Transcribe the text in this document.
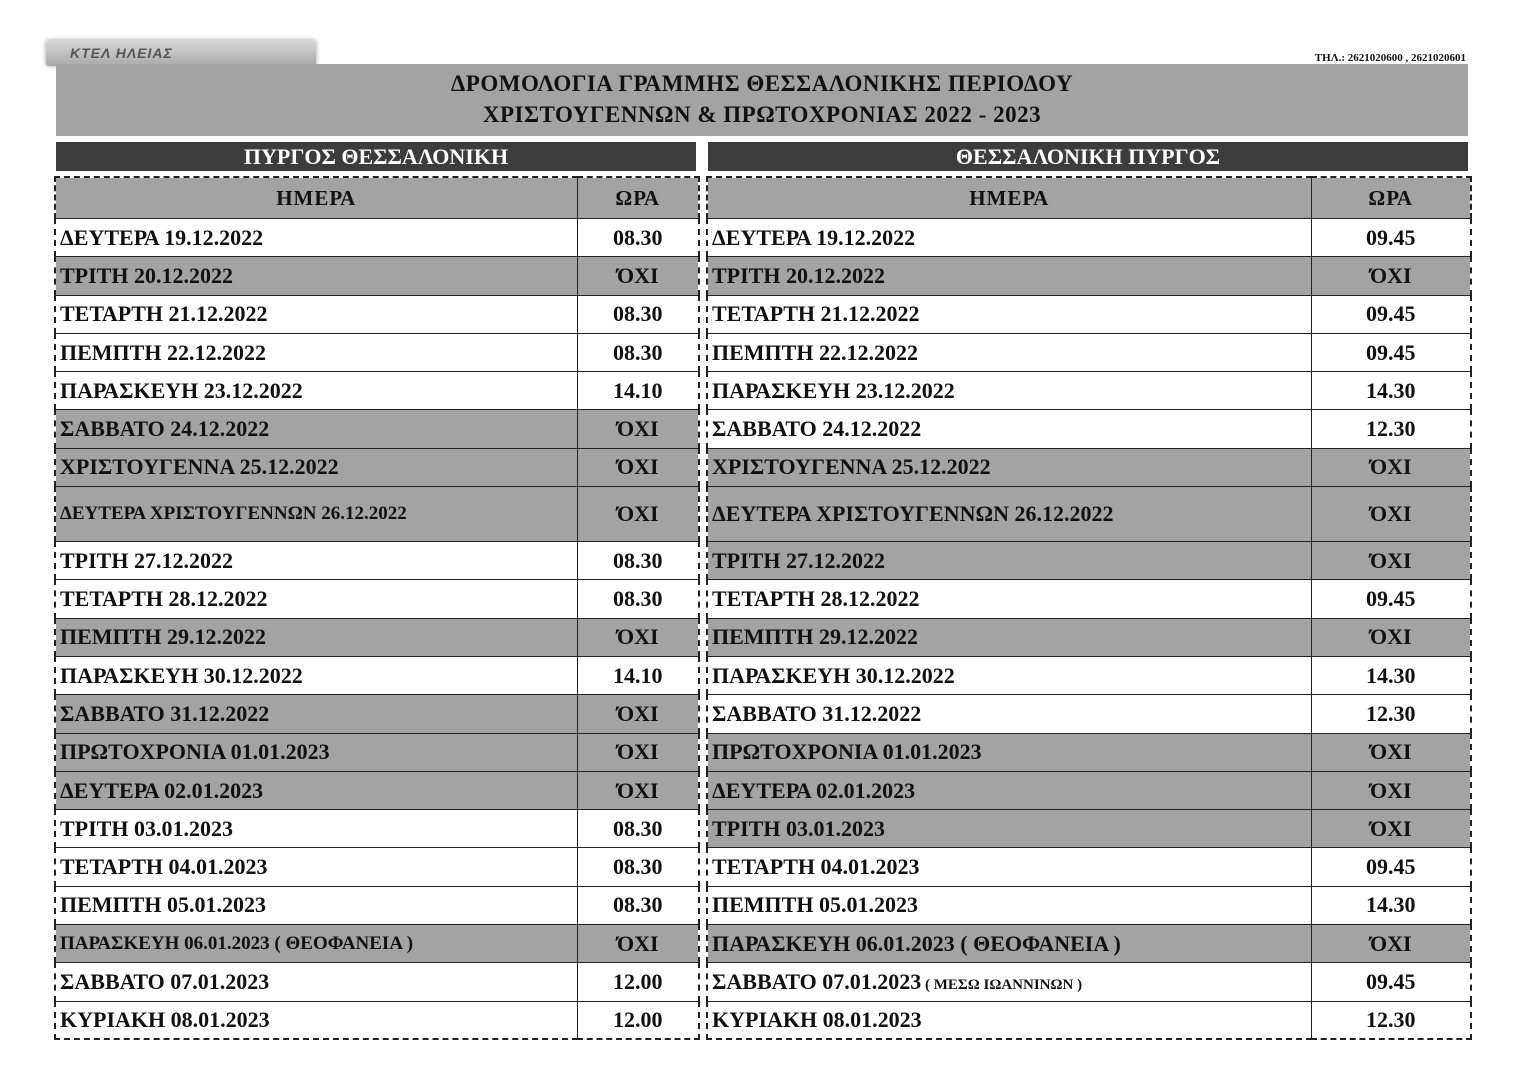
ΚΤΕΛ ΗΛΕΙΑΣ	ΤΗΛ.: 2621020600 , 2621020601
ΔΡΟΜΟΛΟΓΙΑ ΓΡΑΜΜΗΣ ΘΕΣΣΑΛΟΝΙΚΗΣ ΠΕΡΙΟΔΟΥ
ΧΡΙΣΤΟΥΓΕΝΝΩΝ & ΠΡΩΤΟΧΡΟΝΙΑΣ 2022 - 2023
ΠΥΡΓΟΣ ΘΕΣΣΑΛΟΝΙΚΗ	ΘΕΣΣΑΛΟΝΙΚΗ ΠΥΡΓΟΣ
ΗΜΕΡΑ	ΩΡΑ
ΔΕΥΤΕΡΑ 19.12.2022	08.30
ΤΡΙΤΗ 20.12.2022	ΌΧΙ
ΤΕΤΑΡΤΗ 21.12.2022	08.30
ΠΕΜΠΤΗ 22.12.2022	08.30
ΠΑΡΑΣΚΕΥΗ 23.12.2022	14.10
ΣΑΒΒΑΤΟ 24.12.2022	ΌΧΙ
ΧΡΙΣΤΟΥΓΕΝΝΑ 25.12.2022	ΌΧΙ
ΔΕΥΤΕΡΑ ΧΡΙΣΤΟΥΓΕΝΝΩΝ 26.12.2022	ΌΧΙ
ΤΡΙΤΗ 27.12.2022	08.30
ΤΕΤΑΡΤΗ 28.12.2022	08.30
ΠΕΜΠΤΗ 29.12.2022	ΌΧΙ
ΠΑΡΑΣΚΕΥΗ 30.12.2022	14.10
ΣΑΒΒΑΤΟ 31.12.2022	ΌΧΙ
ΠΡΩΤΟΧΡΟΝΙΑ 01.01.2023	ΌΧΙ
ΔΕΥΤΕΡΑ 02.01.2023	ΌΧΙ
ΤΡΙΤΗ 03.01.2023	08.30
ΤΕΤΑΡΤΗ 04.01.2023	08.30
ΠΕΜΠΤΗ 05.01.2023	08.30
ΠΑΡΑΣΚΕΥΗ 06.01.2023 ( ΘΕΟΦΑΝΕΙΑ )	ΌΧΙ
ΣΑΒΒΑΤΟ 07.01.2023	12.00
ΚΥΡΙΑΚΗ 08.01.2023	12.00
ΗΜΕΡΑ	ΩΡΑ
ΔΕΥΤΕΡΑ 19.12.2022	09.45
ΤΡΙΤΗ 20.12.2022	ΌΧΙ
ΤΕΤΑΡΤΗ 21.12.2022	09.45
ΠΕΜΠΤΗ 22.12.2022	09.45
ΠΑΡΑΣΚΕΥΗ 23.12.2022	14.30
ΣΑΒΒΑΤΟ 24.12.2022	12.30
ΧΡΙΣΤΟΥΓΕΝΝΑ 25.12.2022	ΌΧΙ
ΔΕΥΤΕΡΑ ΧΡΙΣΤΟΥΓΕΝΝΩΝ 26.12.2022	ΌΧΙ
ΤΡΙΤΗ 27.12.2022	ΌΧΙ
ΤΕΤΑΡΤΗ 28.12.2022	09.45
ΠΕΜΠΤΗ 29.12.2022	ΌΧΙ
ΠΑΡΑΣΚΕΥΗ 30.12.2022	14.30
ΣΑΒΒΑΤΟ 31.12.2022	12.30
ΠΡΩΤΟΧΡΟΝΙΑ 01.01.2023	ΌΧΙ
ΔΕΥΤΕΡΑ 02.01.2023	ΌΧΙ
ΤΡΙΤΗ 03.01.2023	ΌΧΙ
ΤΕΤΑΡΤΗ 04.01.2023	09.45
ΠΕΜΠΤΗ 05.01.2023	14.30
ΠΑΡΑΣΚΕΥΗ 06.01.2023 ( ΘΕΟΦΑΝΕΙΑ )	ΌΧΙ
ΣΑΒΒΑΤΟ 07.01.2023 ( ΜΕΣΩ ΙΩΑΝΝΙΝΩΝ )	09.45
ΚΥΡΙΑΚΗ 08.01.2023	12.30
